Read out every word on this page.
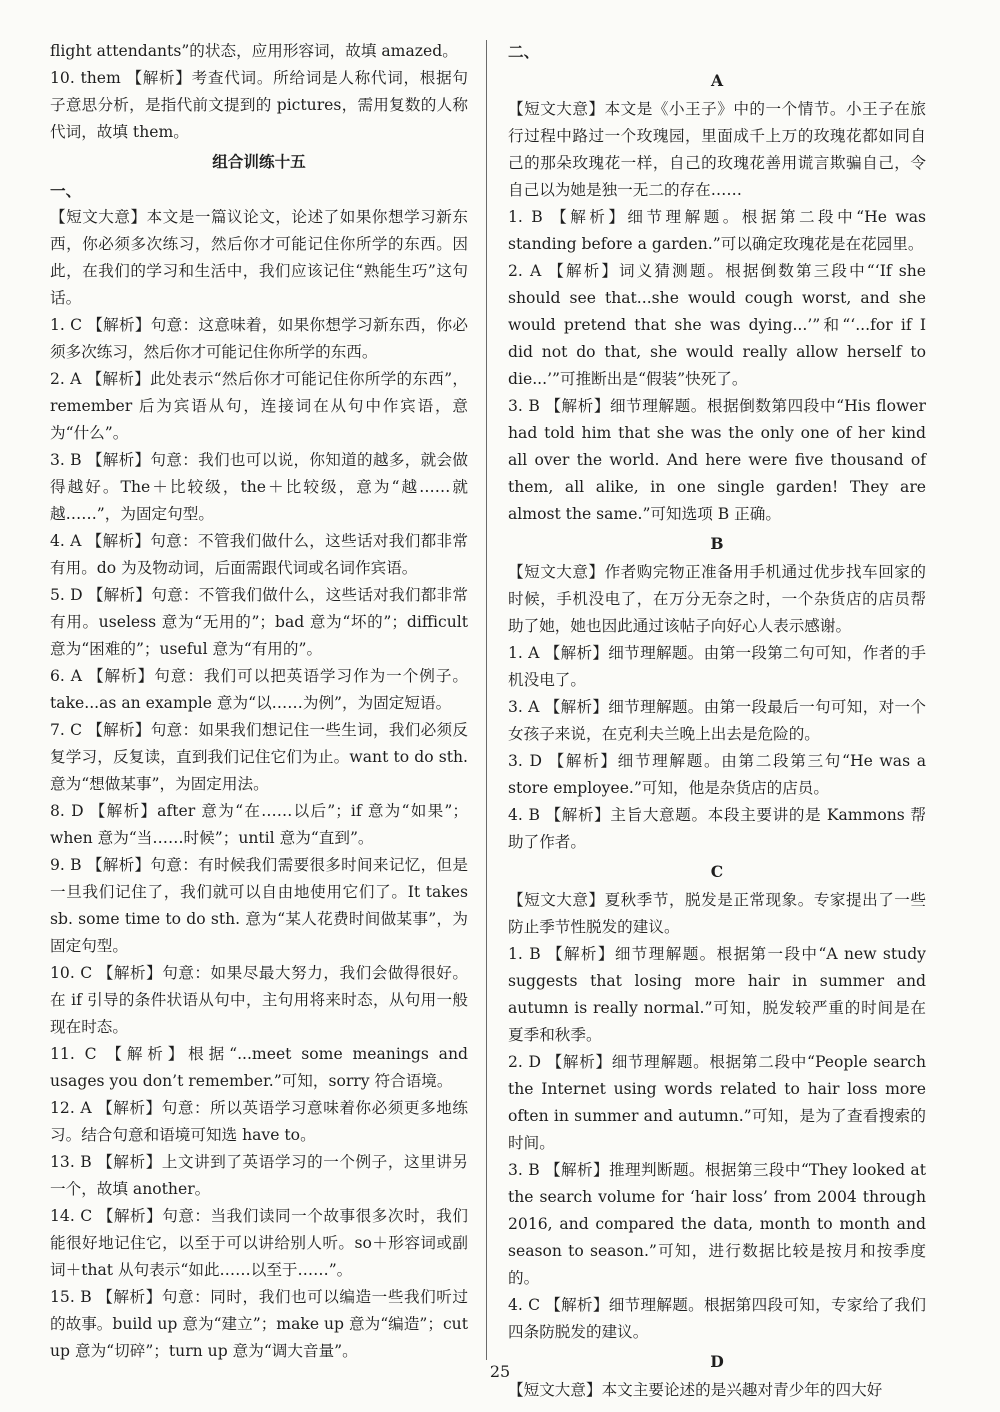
flight attendants”的状态，应用形容词，故填 amazed。

10. them 【解析】考查代词。所给词是人称代词，根据句子意思分析，是指代前文提到的 pictures，需用复数的人称代词，故填 them。

组合训练十五

一、

【短文大意】本文是一篇议论文，论述了如果你想学习新东西，你必须多次练习，然后你才可能记住你所学的东西。因此，在我们的学习和生活中，我们应该记住“熟能生巧”这句话。

1. C 【解析】句意：这意味着，如果你想学习新东西，你必须多次练习，然后你才可能记住你所学的东西。

2. A 【解析】此处表示“然后你才可能记住你所学的东西”，remember 后为宾语从句，连接词在从句中作宾语，意为“什么”。

3. B 【解析】句意：我们也可以说，你知道的越多，就会做得越好。The＋比较级，the＋比较级，意为“越……就越……”，为固定句型。

4. A 【解析】句意：不管我们做什么，这些话对我们都非常有用。do 为及物动词，后面需跟代词或名词作宾语。

5. D 【解析】句意：不管我们做什么，这些话对我们都非常有用。useless 意为“无用的”；bad 意为“坏的”；difficult 意为“困难的”；useful 意为“有用的”。

6. A 【解析】句意：我们可以把英语学习作为一个例子。take...as an example 意为“以……为例”，为固定短语。

7. C 【解析】句意：如果我们想记住一些生词，我们必须反复学习，反复读，直到我们记住它们为止。want to do sth. 意为“想做某事”，为固定用法。

8. D 【解析】after 意为“在……以后”；if 意为“如果”；when 意为“当……时候”；until 意为“直到”。

9. B 【解析】句意：有时候我们需要很多时间来记忆，但是一旦我们记住了，我们就可以自由地使用它们了。It takes sb. some time to do sth. 意为“某人花费时间做某事”，为固定句型。

10. C 【解析】句意：如果尽最大努力，我们会做得很好。在 if 引导的条件状语从句中，主句用将来时态，从句用一般现在时态。

11. C 【解析】根据“...meet some meanings and usages you don’t remember.”可知，sorry 符合语境。

12. A 【解析】句意：所以英语学习意味着你必须更多地练习。结合句意和语境可知选 have to。

13. B 【解析】上文讲到了英语学习的一个例子，这里讲另一个，故填 another。

14. C 【解析】句意：当我们读同一个故事很多次时，我们能很好地记住它，以至于可以讲给别人听。so＋形容词或副词＋that 从句表示“如此……以至于……”。

15. B 【解析】句意：同时，我们也可以编造一些我们听过的故事。build up 意为“建立”；make up 意为“编造”；cut up 意为“切碎”；turn up 意为“调大音量”。

二、

A

【短文大意】本文是《小王子》中的一个情节。小王子在旅行过程中路过一个玫瑰园，里面成千上万的玫瑰花都如同自己的那朵玫瑰花一样，自己的玫瑰花善用谎言欺骗自己，令自己以为她是独一无二的存在……

1. B 【解析】细节理解题。根据第二段中“He was standing before a garden.”可以确定玫瑰花是在花园里。

2. A 【解析】词义猜测题。根据倒数第三段中“‘If she should see that...she would cough worst, and she would pretend that she was dying...’”和“‘...for if I did not do that, she would really allow herself to die...’”可推断出是“假装”快死了。

3. B 【解析】细节理解题。根据倒数第四段中“His flower had told him that she was the only one of her kind all over the world. And here were five thousand of them, all alike, in one single garden! They are almost the same.”可知选项 B 正确。

B

【短文大意】作者购完物正准备用手机通过优步找车回家的时候，手机没电了，在万分无奈之时，一个杂货店的店员帮助了她，她也因此通过该帖子向好心人表示感谢。

1. A 【解析】细节理解题。由第一段第二句可知，作者的手机没电了。

3. A 【解析】细节理解题。由第一段最后一句可知，对一个女孩子来说，在克利夫兰晚上出去是危险的。

3. D 【解析】细节理解题。由第二段第三句“He was a store employee.”可知，他是杂货店的店员。

4. B 【解析】主旨大意题。本段主要讲的是 Kammons 帮助了作者。

C

【短文大意】夏秋季节，脱发是正常现象。专家提出了一些防止季节性脱发的建议。

1. B 【解析】细节理解题。根据第一段中“A new study suggests that losing more hair in summer and autumn is really normal.”可知，脱发较严重的时间是在夏季和秋季。

2. D 【解析】细节理解题。根据第二段中“People search the Internet using words related to hair loss more often in summer and autumn.”可知，是为了查看搜索的时间。

3. B 【解析】推理判断题。根据第三段中“They looked at the search volume for ‘hair loss’ from 2004 through 2016, and compared the data, month to month and season to season.”可知，进行数据比较是按月和按季度的。

4. C 【解析】细节理解题。根据第四段可知，专家给了我们四条防脱发的建议。

D

【短文大意】本文主要论述的是兴趣对青少年的四大好

25
